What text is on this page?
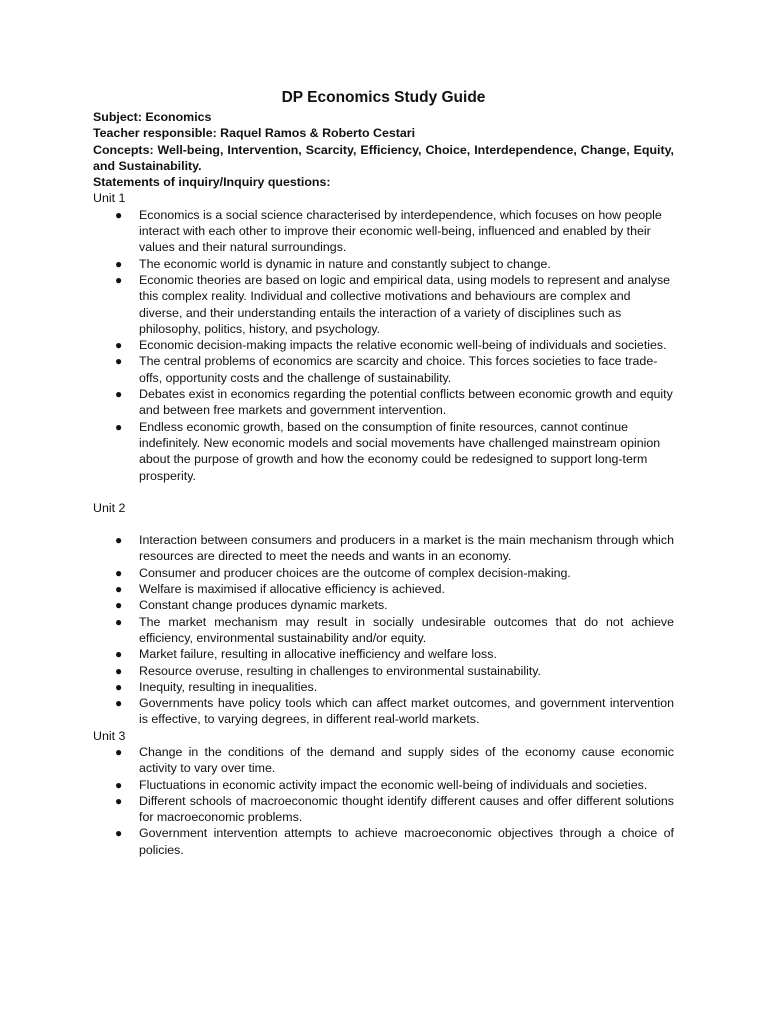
DP Economics Study Guide
Subject: Economics
Teacher responsible: Raquel Ramos & Roberto Cestari
Concepts: Well-being, Intervention, Scarcity, Efficiency, Choice, Interdependence, Change, Equity, and Sustainability.
Statements of inquiry/Inquiry questions:
Unit 1
● Economics is a social science characterised by interdependence, which focuses on how people interact with each other to improve their economic well-being, influenced and enabled by their values and their natural surroundings.
● The economic world is dynamic in nature and constantly subject to change.
● Economic theories are based on logic and empirical data, using models to represent and analyse this complex reality. Individual and collective motivations and behaviours are complex and diverse, and their understanding entails the interaction of a variety of disciplines such as philosophy, politics, history, and psychology.
● Economic decision-making impacts the relative economic well-being of individuals and societies.
● The central problems of economics are scarcity and choice. This forces societies to face trade-offs, opportunity costs and the challenge of sustainability.
● Debates exist in economics regarding the potential conflicts between economic growth and equity and between free markets and government intervention.
● Endless economic growth, based on the consumption of finite resources, cannot continue indefinitely. New economic models and social movements have challenged mainstream opinion about the purpose of growth and how the economy could be redesigned to support long-term prosperity.
Unit 2
● Interaction between consumers and producers in a market is the main mechanism through which resources are directed to meet the needs and wants in an economy.
● Consumer and producer choices are the outcome of complex decision-making.
● Welfare is maximised if allocative efficiency is achieved.
● Constant change produces dynamic markets.
● The market mechanism may result in socially undesirable outcomes that do not achieve efficiency, environmental sustainability and/or equity.
● Market failure, resulting in allocative inefficiency and welfare loss.
● Resource overuse, resulting in challenges to environmental sustainability.
● Inequity, resulting in inequalities.
● Governments have policy tools which can affect market outcomes, and government intervention is effective, to varying degrees, in different real-world markets.
Unit 3
● Change in the conditions of the demand and supply sides of the economy cause economic activity to vary over time.
● Fluctuations in economic activity impact the economic well-being of individuals and societies.
● Different schools of macroeconomic thought identify different causes and offer different solutions for macroeconomic problems.
● Government intervention attempts to achieve macroeconomic objectives through a choice of policies.
